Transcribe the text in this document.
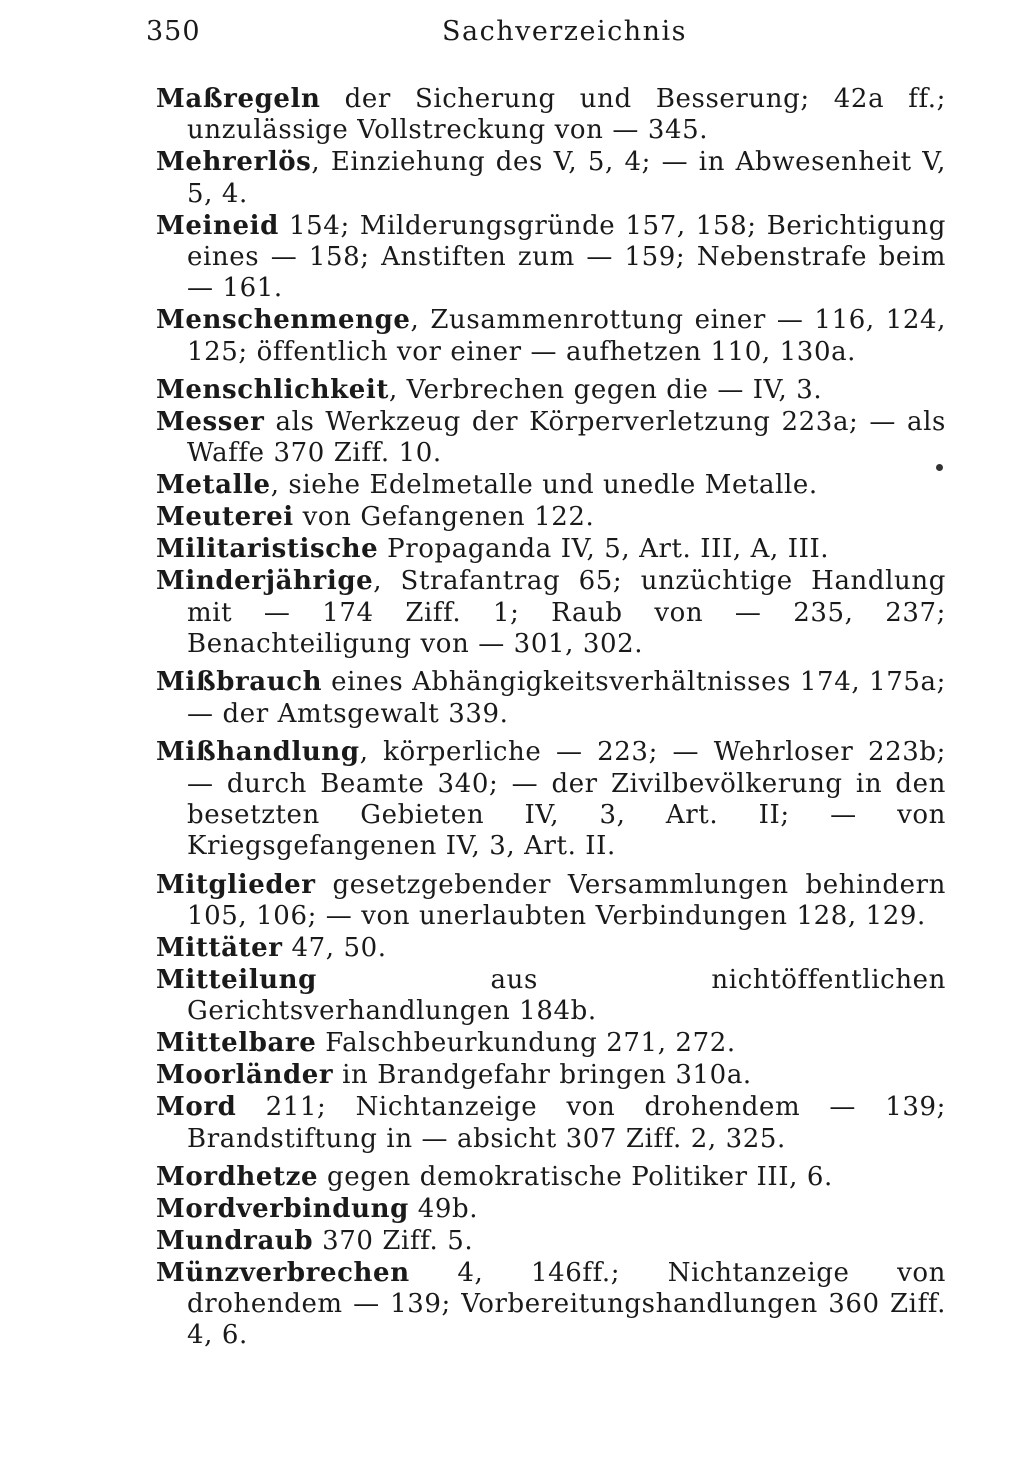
350	Sachverzeichnis

Maßregeln der Sicherung und Besserung; 42a ff.; unzulässige Vollstreckung von — 345.

Mehrerlös, Einziehung des V, 5, 4; — in Abwesenheit V, 5, 4.

Meineid 154; Milderungsgründe 157, 158; Berichtigung eines — 158; Anstiften zum — 159; Nebenstrafe beim — 161.

Menschenmenge, Zusammenrottung einer — 116, 124, 125; öffentlich vor einer — aufhetzen 110, 130a.

Menschlichkeit, Verbrechen gegen die — IV, 3.

Messer als Werkzeug der Körperverletzung 223a; — als Waffe 370 Ziff. 10.

Metalle, siehe Edelmetalle und unedle Metalle.

Meuterei von Gefangenen 122.

Militaristische Propaganda IV, 5, Art. III, A, III.

Minderjährige, Strafantrag 65; unzüchtige Handlung mit — 174 Ziff. 1; Raub von — 235, 237; Benachteiligung von — 301, 302.

Mißbrauch eines Abhängigkeitsverhältnisses 174, 175a; — der Amtsgewalt 339.

Mißhandlung, körperliche — 223; — Wehrloser 223b; — durch Beamte 340; — der Zivilbevölkerung in den besetzten Gebieten IV, 3, Art. II; — von Kriegsgefangenen IV, 3, Art. II.

Mitglieder gesetzgebender Versammlungen behindern 105, 106; — von unerlaubten Verbindungen 128, 129.

Mittäter 47, 50.

Mitteilung aus nichtöffentlichen Gerichtsverhandlungen 184b.

Mittelbare Falschbeurkundung 271, 272.

Moorländer in Brandgefahr bringen 310a.

Mord 211; Nichtanzeige von drohendem — 139; Brandstiftung in — absicht 307 Ziff. 2, 325.

Mordhetze gegen demokratische Politiker III, 6.

Mordverbindung 49b.

Mundraub 370 Ziff. 5.

Münzverbrechen 4, 146ff.; Nichtanzeige von drohendem — 139; Vorbereitungshandlungen 360 Ziff. 4, 6.
